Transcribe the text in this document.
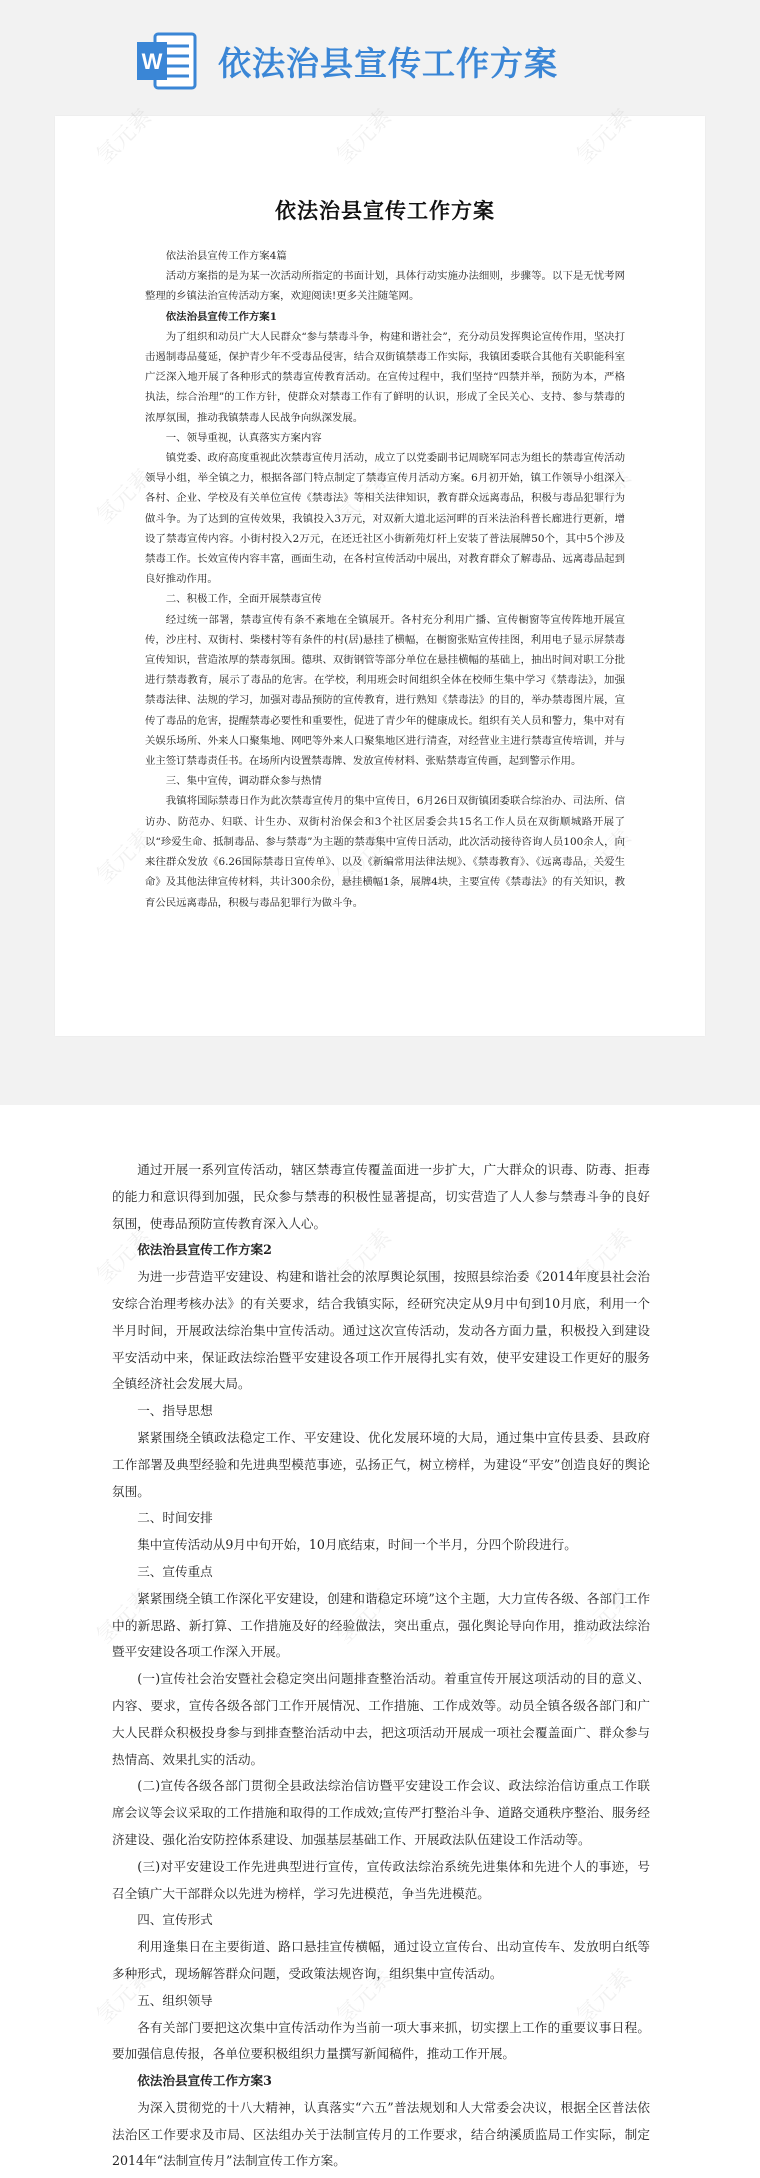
W 依法治县宣传工作方案
依法治县宣传工作方案

依法治县宣传工作方案4篇

活动方案指的是为某一次活动所指定的书面计划，具体行动实施办法细则，步骤等。以下是无忧考网整理的乡镇法治宣传活动方案，欢迎阅读!更多关注随笔网。

依法治县宣传工作方案1

为了组织和动员广大人民群众“参与禁毒斗争，构建和谐社会”，充分动员发挥舆论宣传作用，坚决打击遏制毒品蔓延，保护青少年不受毒品侵害，结合双街镇禁毒工作实际，我镇团委联合其他有关职能科室广泛深入地开展了各种形式的禁毒宣传教育活动。在宣传过程中，我们坚持“四禁并举，预防为本，严格执法，综合治理”的工作方针，使群众对禁毒工作有了鲜明的认识，形成了全民关心、支持、参与禁毒的浓厚氛围，推动我镇禁毒人民战争向纵深发展。

一、领导重视，认真落实方案内容

镇党委、政府高度重视此次禁毒宣传月活动，成立了以党委副书记周晓军同志为组长的禁毒宣传活动领导小组，举全镇之力，根据各部门特点制定了禁毒宣传月活动方案。6月初开始，镇工作领导小组深入各村、企业、学校及有关单位宣传《禁毒法》等相关法律知识，教育群众远离毒品，积极与毒品犯罪行为做斗争。为了达到的宣传效果，我镇投入3万元，对双新大道北运河畔的百米法治科普长廊进行更新，增设了禁毒宣传内容。小街村投入2万元，在还迁社区小街新苑灯杆上安装了普法展牌50个，其中5个涉及禁毒工作。长效宣传内容丰富，画面生动，在各村宣传活动中展出，对教育群众了解毒品、远离毒品起到良好推动作用。

二、积极工作，全面开展禁毒宣传

经过统一部署，禁毒宣传有条不紊地在全镇展开。各村充分利用广播、宣传橱窗等宣传阵地开展宣传，沙庄村、双街村、柴楼村等有条件的村(居)悬挂了横幅，在橱窗张贴宣传挂图，利用电子显示屏禁毒宣传知识，营造浓厚的禁毒氛围。德琪、双街钢管等部分单位在悬挂横幅的基础上，抽出时间对职工分批进行禁毒教育，展示了毒品的危害。在学校，利用班会时间组织全体在校师生集中学习《禁毒法》，加强禁毒法律、法规的学习，加强对毒品预防的宣传教育，进行熟知《禁毒法》的目的，举办禁毒图片展，宣传了毒品的危害，提醒禁毒必要性和重要性，促进了青少年的健康成长。组织有关人员和警力，集中对有关娱乐场所、外来人口聚集地、网吧等外来人口聚集地区进行清查，对经营业主进行禁毒宣传培训，并与业主签订禁毒责任书。在场所内设置禁毒牌、发放宣传材料、张贴禁毒宣传画，起到警示作用。

三、集中宣传，调动群众参与热情

我镇将国际禁毒日作为此次禁毒宣传月的集中宣传日，6月26日双街镇团委联合综治办、司法所、信访办、防范办、妇联、计生办、双街村治保会和3个社区居委会共15名工作人员在双街顺城路开展了以“珍爱生命、抵制毒品、参与禁毒”为主题的禁毒集中宣传日活动，此次活动接待咨询人员100余人，向来往群众发放《6.26国际禁毒日宣传单》、以及《新编常用法律法规》、《禁毒教育》、《远离毒品，关爱生命》及其他法律宣传材料，共计300余份，悬挂横幅1条，展牌4块，主要宣传《禁毒法》的有关知识，教育公民远离毒品，积极与毒品犯罪行为做斗争。

通过开展一系列宣传活动，辖区禁毒宣传覆盖面进一步扩大，广大群众的识毒、防毒、拒毒的能力和意识得到加强，民众参与禁毒的积极性显著提高，切实营造了人人参与禁毒斗争的良好氛围，使毒品预防宣传教育深入人心。

依法治县宣传工作方案2

为进一步营造平安建设、构建和谐社会的浓厚舆论氛围，按照县综治委《2014年度县社会治安综合治理考核办法》的有关要求，结合我镇实际，经研究决定从9月中旬到10月底，利用一个半月时间，开展政法综治集中宣传活动。通过这次宣传活动，发动各方面力量，积极投入到建设平安活动中来，保证政法综治暨平安建设各项工作开展得扎实有效，使平安建设工作更好的服务全镇经济社会发展大局。

一、指导思想

紧紧围绕全镇政法稳定工作、平安建设、优化发展环境的大局，通过集中宣传县委、县政府工作部署及典型经验和先进典型模范事迹，弘扬正气，树立榜样，为建设“平安”创造良好的舆论氛围。

二、时间安排

集中宣传活动从9月中旬开始，10月底结束，时间一个半月，分四个阶段进行。

三、宣传重点

紧紧围绕全镇工作深化平安建设，创建和谐稳定环境”这个主题，大力宣传各级、各部门工作中的新思路、新打算、工作措施及好的经验做法，突出重点，强化舆论导向作用，推动政法综治暨平安建设各项工作深入开展。

(一)宣传社会治安暨社会稳定突出问题排查整治活动。着重宣传开展这项活动的目的意义、内容、要求，宣传各级各部门工作开展情况、工作措施、工作成效等。动员全镇各级各部门和广大人民群众积极投身参与到排查整治活动中去，把这项活动开展成一项社会覆盖面广、群众参与热情高、效果扎实的活动。

(二)宣传各级各部门贯彻全县政法综治信访暨平安建设工作会议、政法综治信访重点工作联席会议等会议采取的工作措施和取得的工作成效;宣传严打整治斗争、道路交通秩序整治、服务经济建设、强化治安防控体系建设、加强基层基础工作、开展政法队伍建设工作活动等。

(三)对平安建设工作先进典型进行宣传，宣传政法综治系统先进集体和先进个人的事迹，号召全镇广大干部群众以先进为榜样，学习先进模范，争当先进模范。

四、宣传形式

利用逢集日在主要街道、路口悬挂宣传横幅，通过设立宣传台、出动宣传车、发放明白纸等多种形式，现场解答群众问题，受政策法规咨询，组织集中宣传活动。

五、组织领导

各有关部门要把这次集中宣传活动作为当前一项大事来抓，切实摆上工作的重要议事日程。要加强信息传报，各单位要积极组织力量撰写新闻稿件，推动工作开展。

依法治县宣传工作方案3

为深入贯彻党的十八大精神，认真落实“六五”普法规划和人大常委会决议，根据全区普法依法治区工作要求及市局、区法组办关于法制宣传月的工作要求，结合纳溪质监局工作实际，制定2014年“法制宣传月”法制宣传工作方案。
